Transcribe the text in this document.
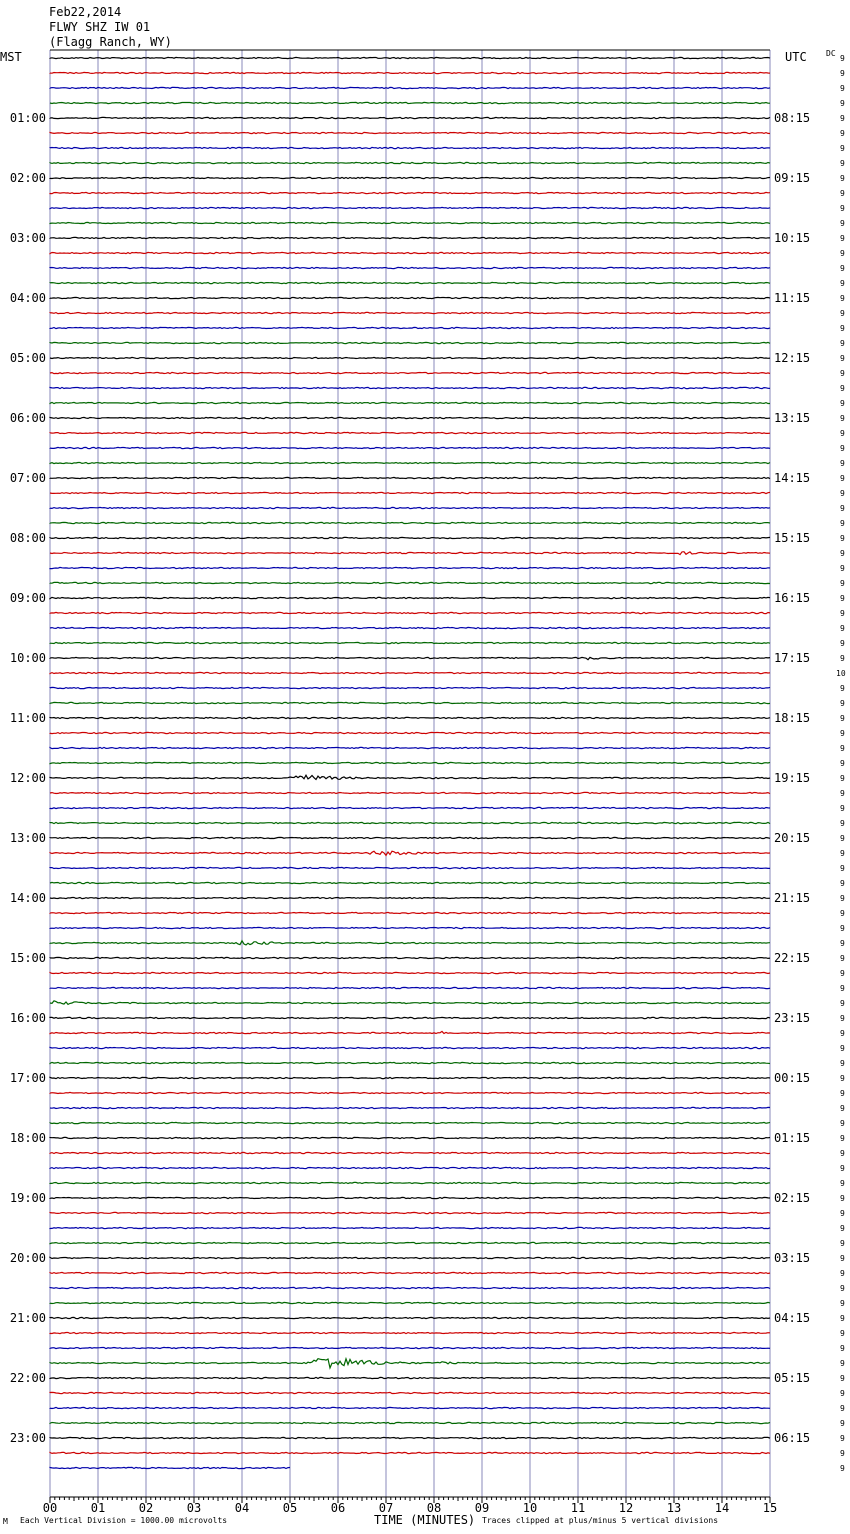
Feb22,2014
FLWY SHZ IW 01
(Flagg Ranch, WY)
MST	UTC DC
01:00
02:00
03:00
04:00
05:00
06:00
07:00
08:00
09:00
10:00
11:00
12:00
13:00
14:00
15:00
16:00
17:00
18:00
19:00
20:00
21:00
22:00
23:00
08:15
09:15
10:15
11:15
12:15
13:15
14:15
15:15
16:15
17:15
18:15
19:15
20:15
21:15
22:15
23:15
00:15
01:15
02:15
03:15
04:15
05:15
06:15
9
9
9
9
9
9
9
9
9
9
9
9
9
9
9
9
9
9
9
9
9
9
9
9
9
9
9
9
9
9
9
9
9
9
9
9
9
9
9
9
9
10
9
9
9
9
9
9
9
9
9
9
9
9
9
9
9
9
9
9
9
9
9
9
9
9
9
9
9
9
9
9
9
9
9
9
9
9
9
9
9
9
9
9
9
9
9
9
9
9
9
9
9
9
9
00	01	02	03	04	05	06	07	08	09	10	11	12	13	14	15
TIME (MINUTES)
M Each Vertical Division = 1000.00 microvolts	Traces clipped at plus/minus 5 vertical divisions
